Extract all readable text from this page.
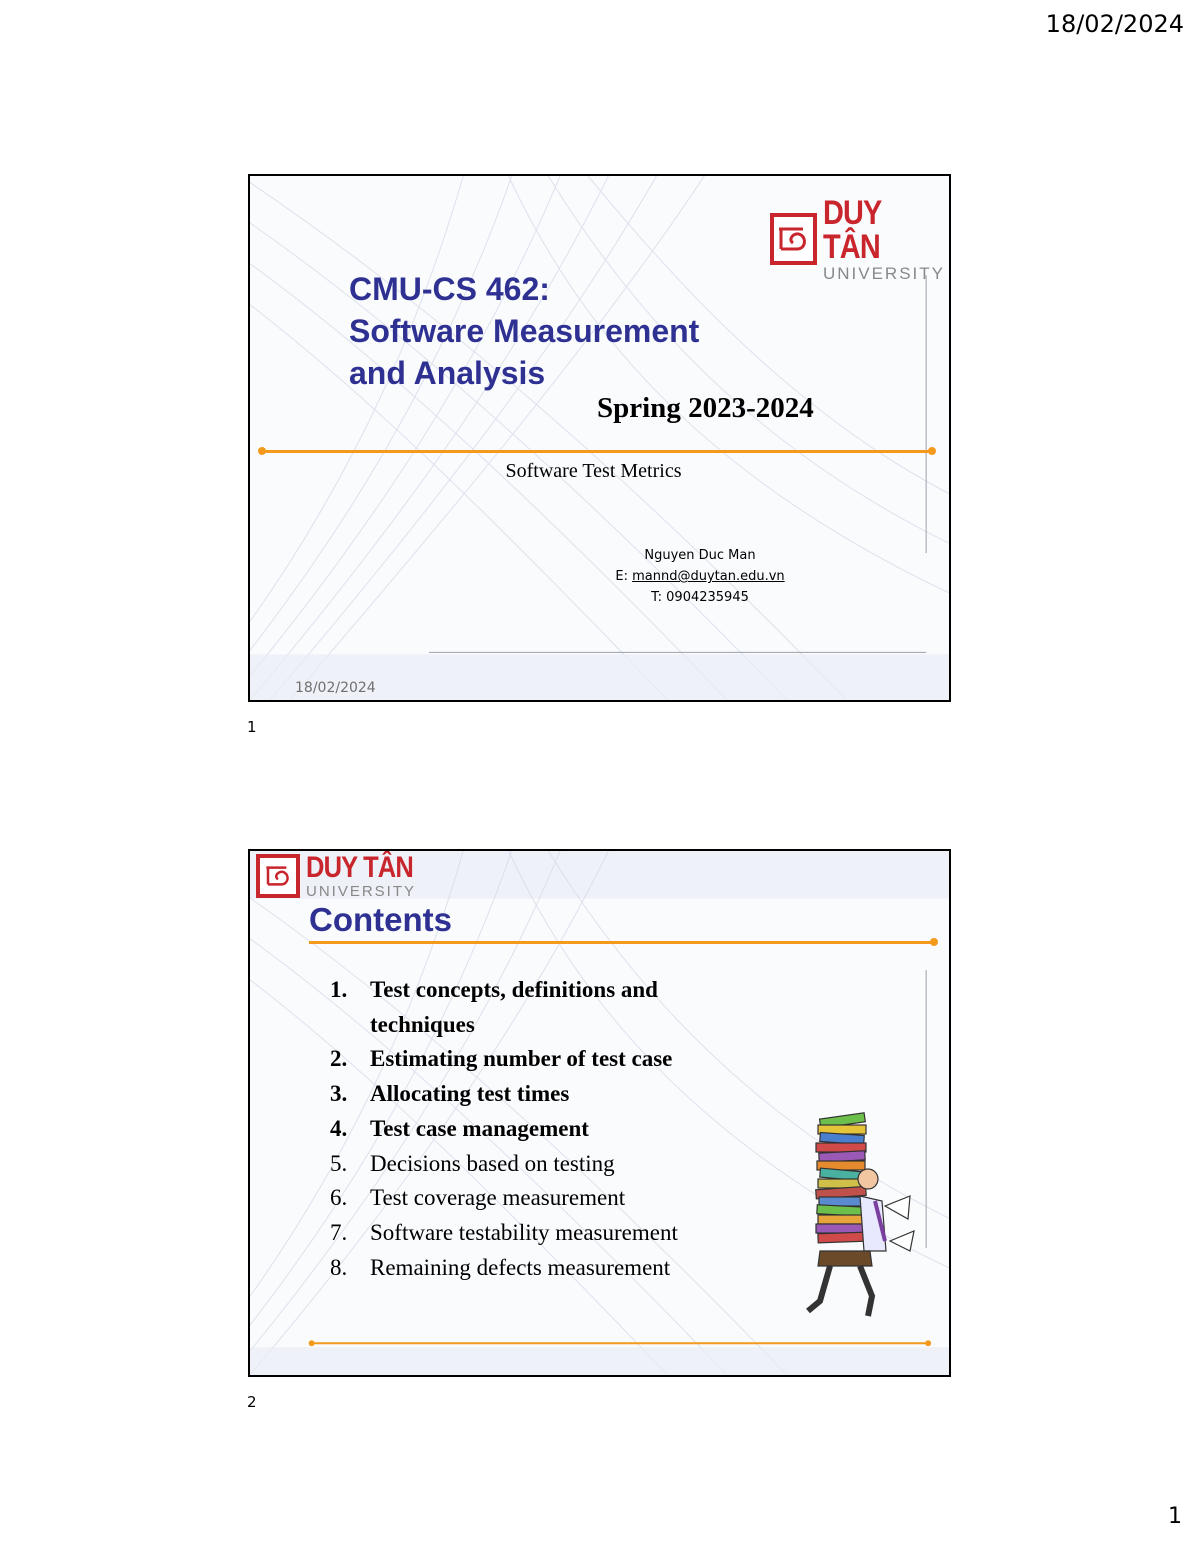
18/02/2024
DUY TÂN
UNIVERSITY
CMU-CS 462:
Software Measurement
and Analysis
Spring 2023-2024
Software Test Metrics
Nguyen Duc Man
E: mannd@duytan.edu.vn
T: 0904235945
18/02/2024
1
DUY TÂN
UNIVERSITY
Contents
1. Test concepts, definitions and techniques
2. Estimating number of test case
3. Allocating test times
4. Test case management
5. Decisions based on testing
6. Test coverage measurement
7. Software testability measurement
8. Remaining defects measurement
2
1
